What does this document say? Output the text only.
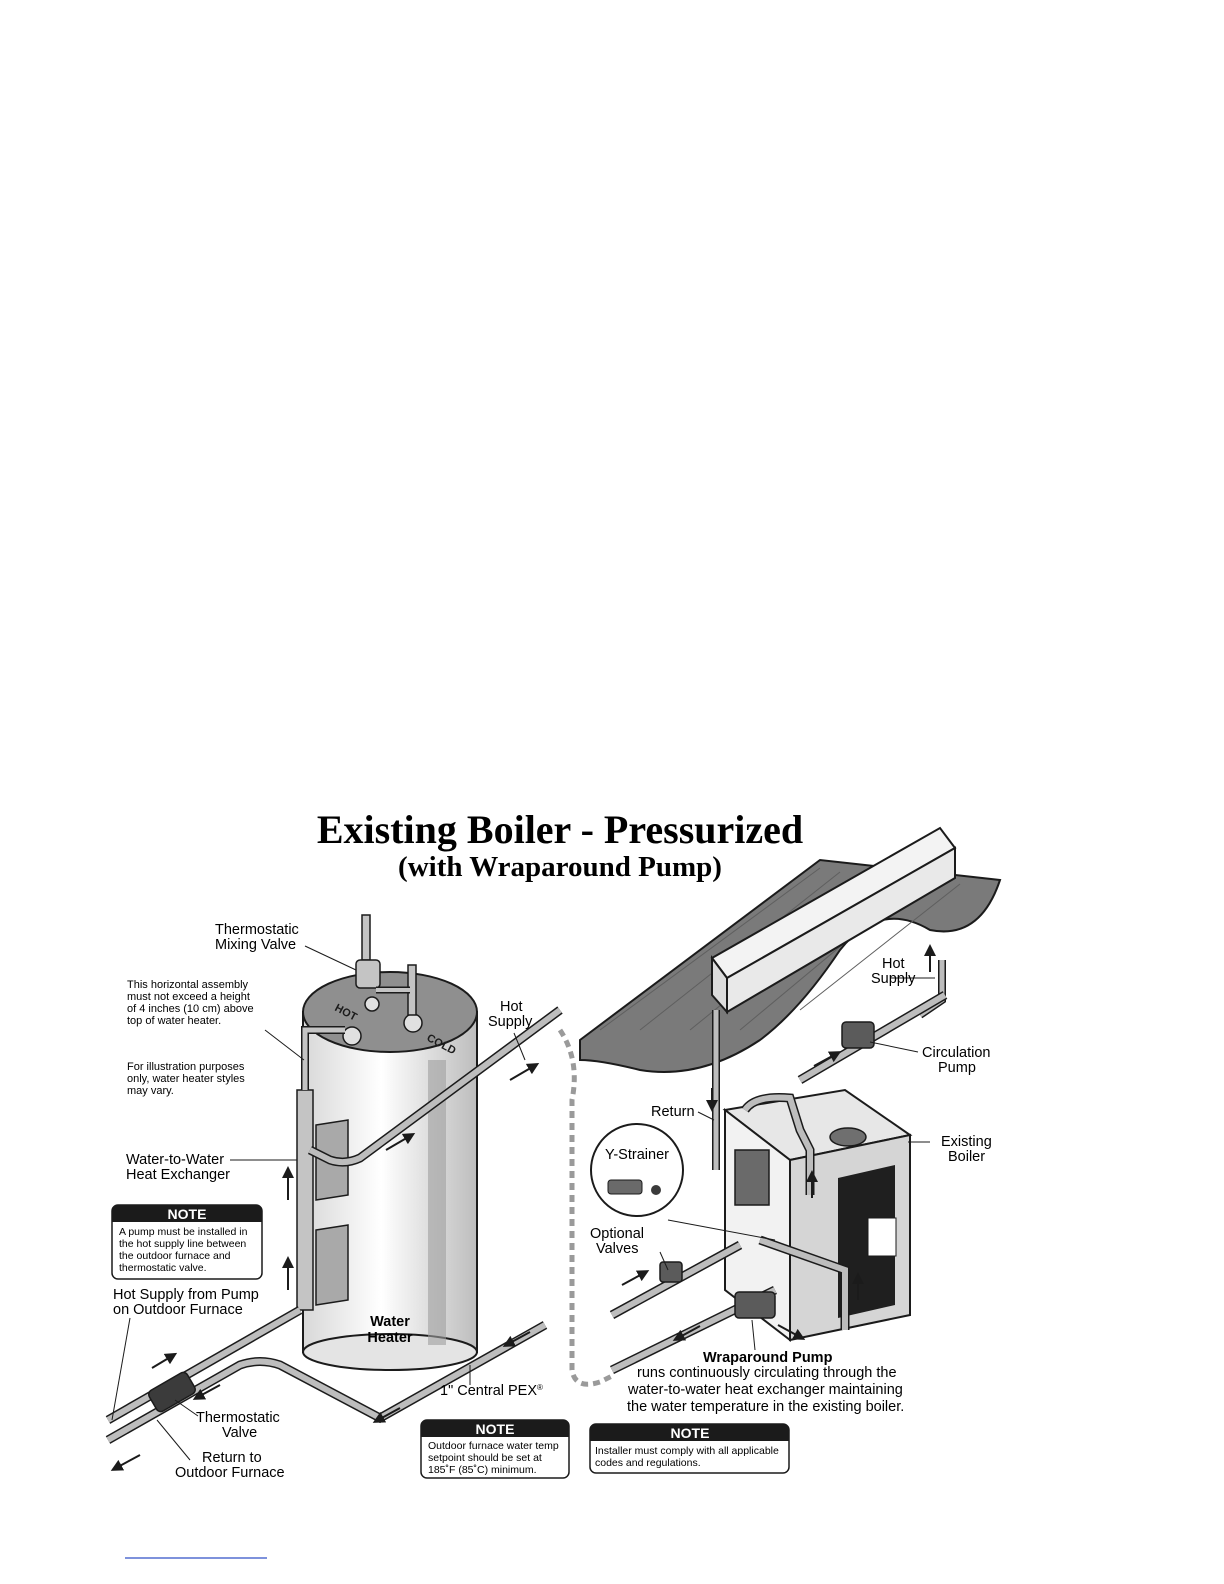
Existing Boiler - Pressurized
(with Wraparound Pump)
HOT
COLD
Y-Strainer
Thermostatic
Mixing Valve
This horizontal assembly
must not exceed a height
of 4 inches (10 cm) above
top of water heater.
For illustration purposes
only, water heater styles
may vary.
Water-to-Water
Heat Exchanger
Hot
Supply
Hot Supply from Pump
on Outdoor Furnace
Thermostatic
Valve
Return to
Outdoor Furnace
Water
Heater
1" Central PEX®
Return
Optional
Valves
Hot
Supply
Circulation
Pump
Existing
Boiler
Wraparound Pump
runs continuously circulating through the
water-to-water heat exchanger maintaining
the water temperature in the existing boiler.
NOTE
A pump must be installed in
the hot supply line between
the outdoor furnace and
thermostatic valve.
NOTE
Outdoor furnace water temp
setpoint should be set at
185˚F (85˚C) minimum.
NOTE
Installer must comply with all applicable
codes and regulations.
